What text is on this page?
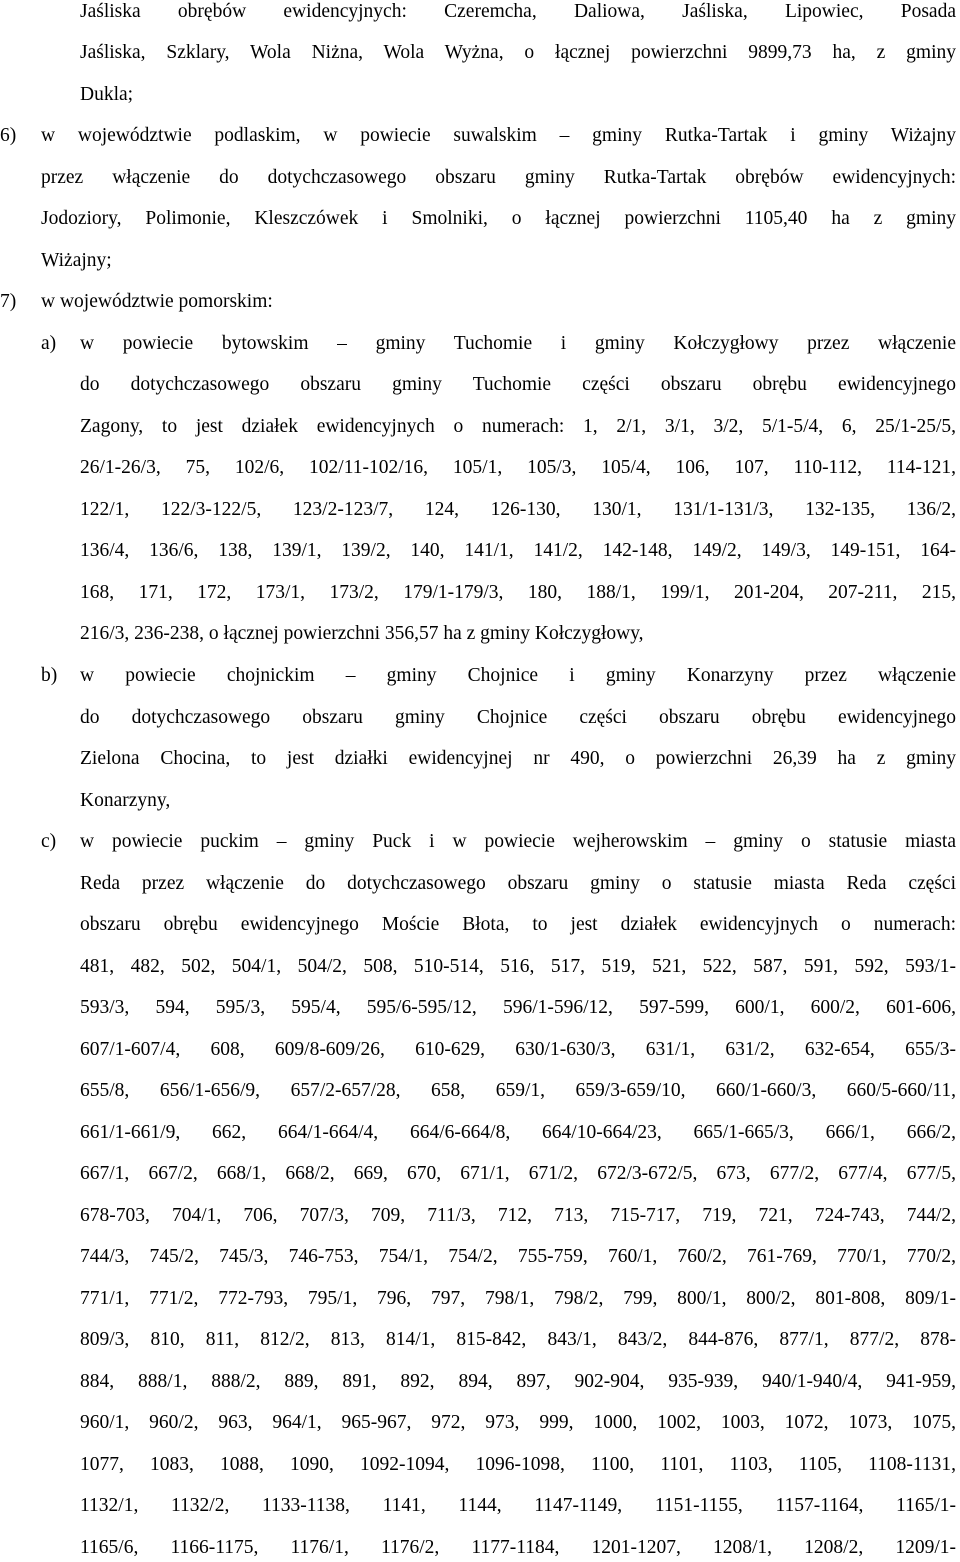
Jaśliska obrębów ewidencyjnych: Czeremcha, Daliowa, Jaśliska, Lipowiec, Posada
Jaśliska, Szklary, Wola Niżna, Wola Wyżna, o łącznej powierzchni 9899,73 ha, z gminy
Dukla;
6) w województwie podlaskim, w powiecie suwalskim – gminy Rutka-Tartak i gminy Wiżajny
przez włączenie do dotychczasowego obszaru gminy Rutka-Tartak obrębów ewidencyjnych:
Jodoziory, Polimonie, Kleszczówek i Smolniki, o łącznej powierzchni 1105,40 ha z gminy
Wiżajny;
7) w województwie pomorskim:
a) w powiecie bytowskim – gminy Tuchomie i gminy Kołczygłowy przez włączenie
do dotychczasowego obszaru gminy Tuchomie części obszaru obrębu ewidencyjnego
Zagony, to jest działek ewidencyjnych o numerach: 1, 2/1, 3/1, 3/2, 5/1-5/4, 6, 25/1-25/5,
26/1-26/3, 75, 102/6, 102/11-102/16, 105/1, 105/3, 105/4, 106, 107, 110-112, 114-121,
122/1, 122/3-122/5, 123/2-123/7, 124, 126-130, 130/1, 131/1-131/3, 132-135, 136/2,
136/4, 136/6, 138, 139/1, 139/2, 140, 141/1, 141/2, 142-148, 149/2, 149/3, 149-151, 164-
168, 171, 172, 173/1, 173/2, 179/1-179/3, 180, 188/1, 199/1, 201-204, 207-211, 215,
216/3, 236-238, o łącznej powierzchni 356,57 ha z gminy Kołczygłowy,
b) w powiecie chojnickim – gminy Chojnice i gminy Konarzyny przez włączenie
do dotychczasowego obszaru gminy Chojnice części obszaru obrębu ewidencyjnego
Zielona Chocina, to jest działki ewidencyjnej nr 490, o powierzchni 26,39 ha z gminy
Konarzyny,
c) w powiecie puckim – gminy Puck i w powiecie wejherowskim – gminy o statusie miasta
Reda przez włączenie do dotychczasowego obszaru gminy o statusie miasta Reda części
obszaru obrębu ewidencyjnego Moście Błota, to jest działek ewidencyjnych o numerach:
481, 482, 502, 504/1, 504/2, 508, 510-514, 516, 517, 519, 521, 522, 587, 591, 592, 593/1-
593/3, 594, 595/3, 595/4, 595/6-595/12, 596/1-596/12, 597-599, 600/1, 600/2, 601-606,
607/1-607/4, 608, 609/8-609/26, 610-629, 630/1-630/3, 631/1, 631/2, 632-654, 655/3-
655/8, 656/1-656/9, 657/2-657/28, 658, 659/1, 659/3-659/10, 660/1-660/3, 660/5-660/11,
661/1-661/9, 662, 664/1-664/4, 664/6-664/8, 664/10-664/23, 665/1-665/3, 666/1, 666/2,
667/1, 667/2, 668/1, 668/2, 669, 670, 671/1, 671/2, 672/3-672/5, 673, 677/2, 677/4, 677/5,
678-703, 704/1, 706, 707/3, 709, 711/3, 712, 713, 715-717, 719, 721, 724-743, 744/2,
744/3, 745/2, 745/3, 746-753, 754/1, 754/2, 755-759, 760/1, 760/2, 761-769, 770/1, 770/2,
771/1, 771/2, 772-793, 795/1, 796, 797, 798/1, 798/2, 799, 800/1, 800/2, 801-808, 809/1-
809/3, 810, 811, 812/2, 813, 814/1, 815-842, 843/1, 843/2, 844-876, 877/1, 877/2, 878-
884, 888/1, 888/2, 889, 891, 892, 894, 897, 902-904, 935-939, 940/1-940/4, 941-959,
960/1, 960/2, 963, 964/1, 965-967, 972, 973, 999, 1000, 1002, 1003, 1072, 1073, 1075,
1077, 1083, 1088, 1090, 1092-1094, 1096-1098, 1100, 1101, 1103, 1105, 1108-1131,
1132/1, 1132/2, 1133-1138, 1141, 1144, 1147-1149, 1151-1155, 1157-1164, 1165/1-
1165/6, 1166-1175, 1176/1, 1176/2, 1177-1184, 1201-1207, 1208/1, 1208/2, 1209/1-
